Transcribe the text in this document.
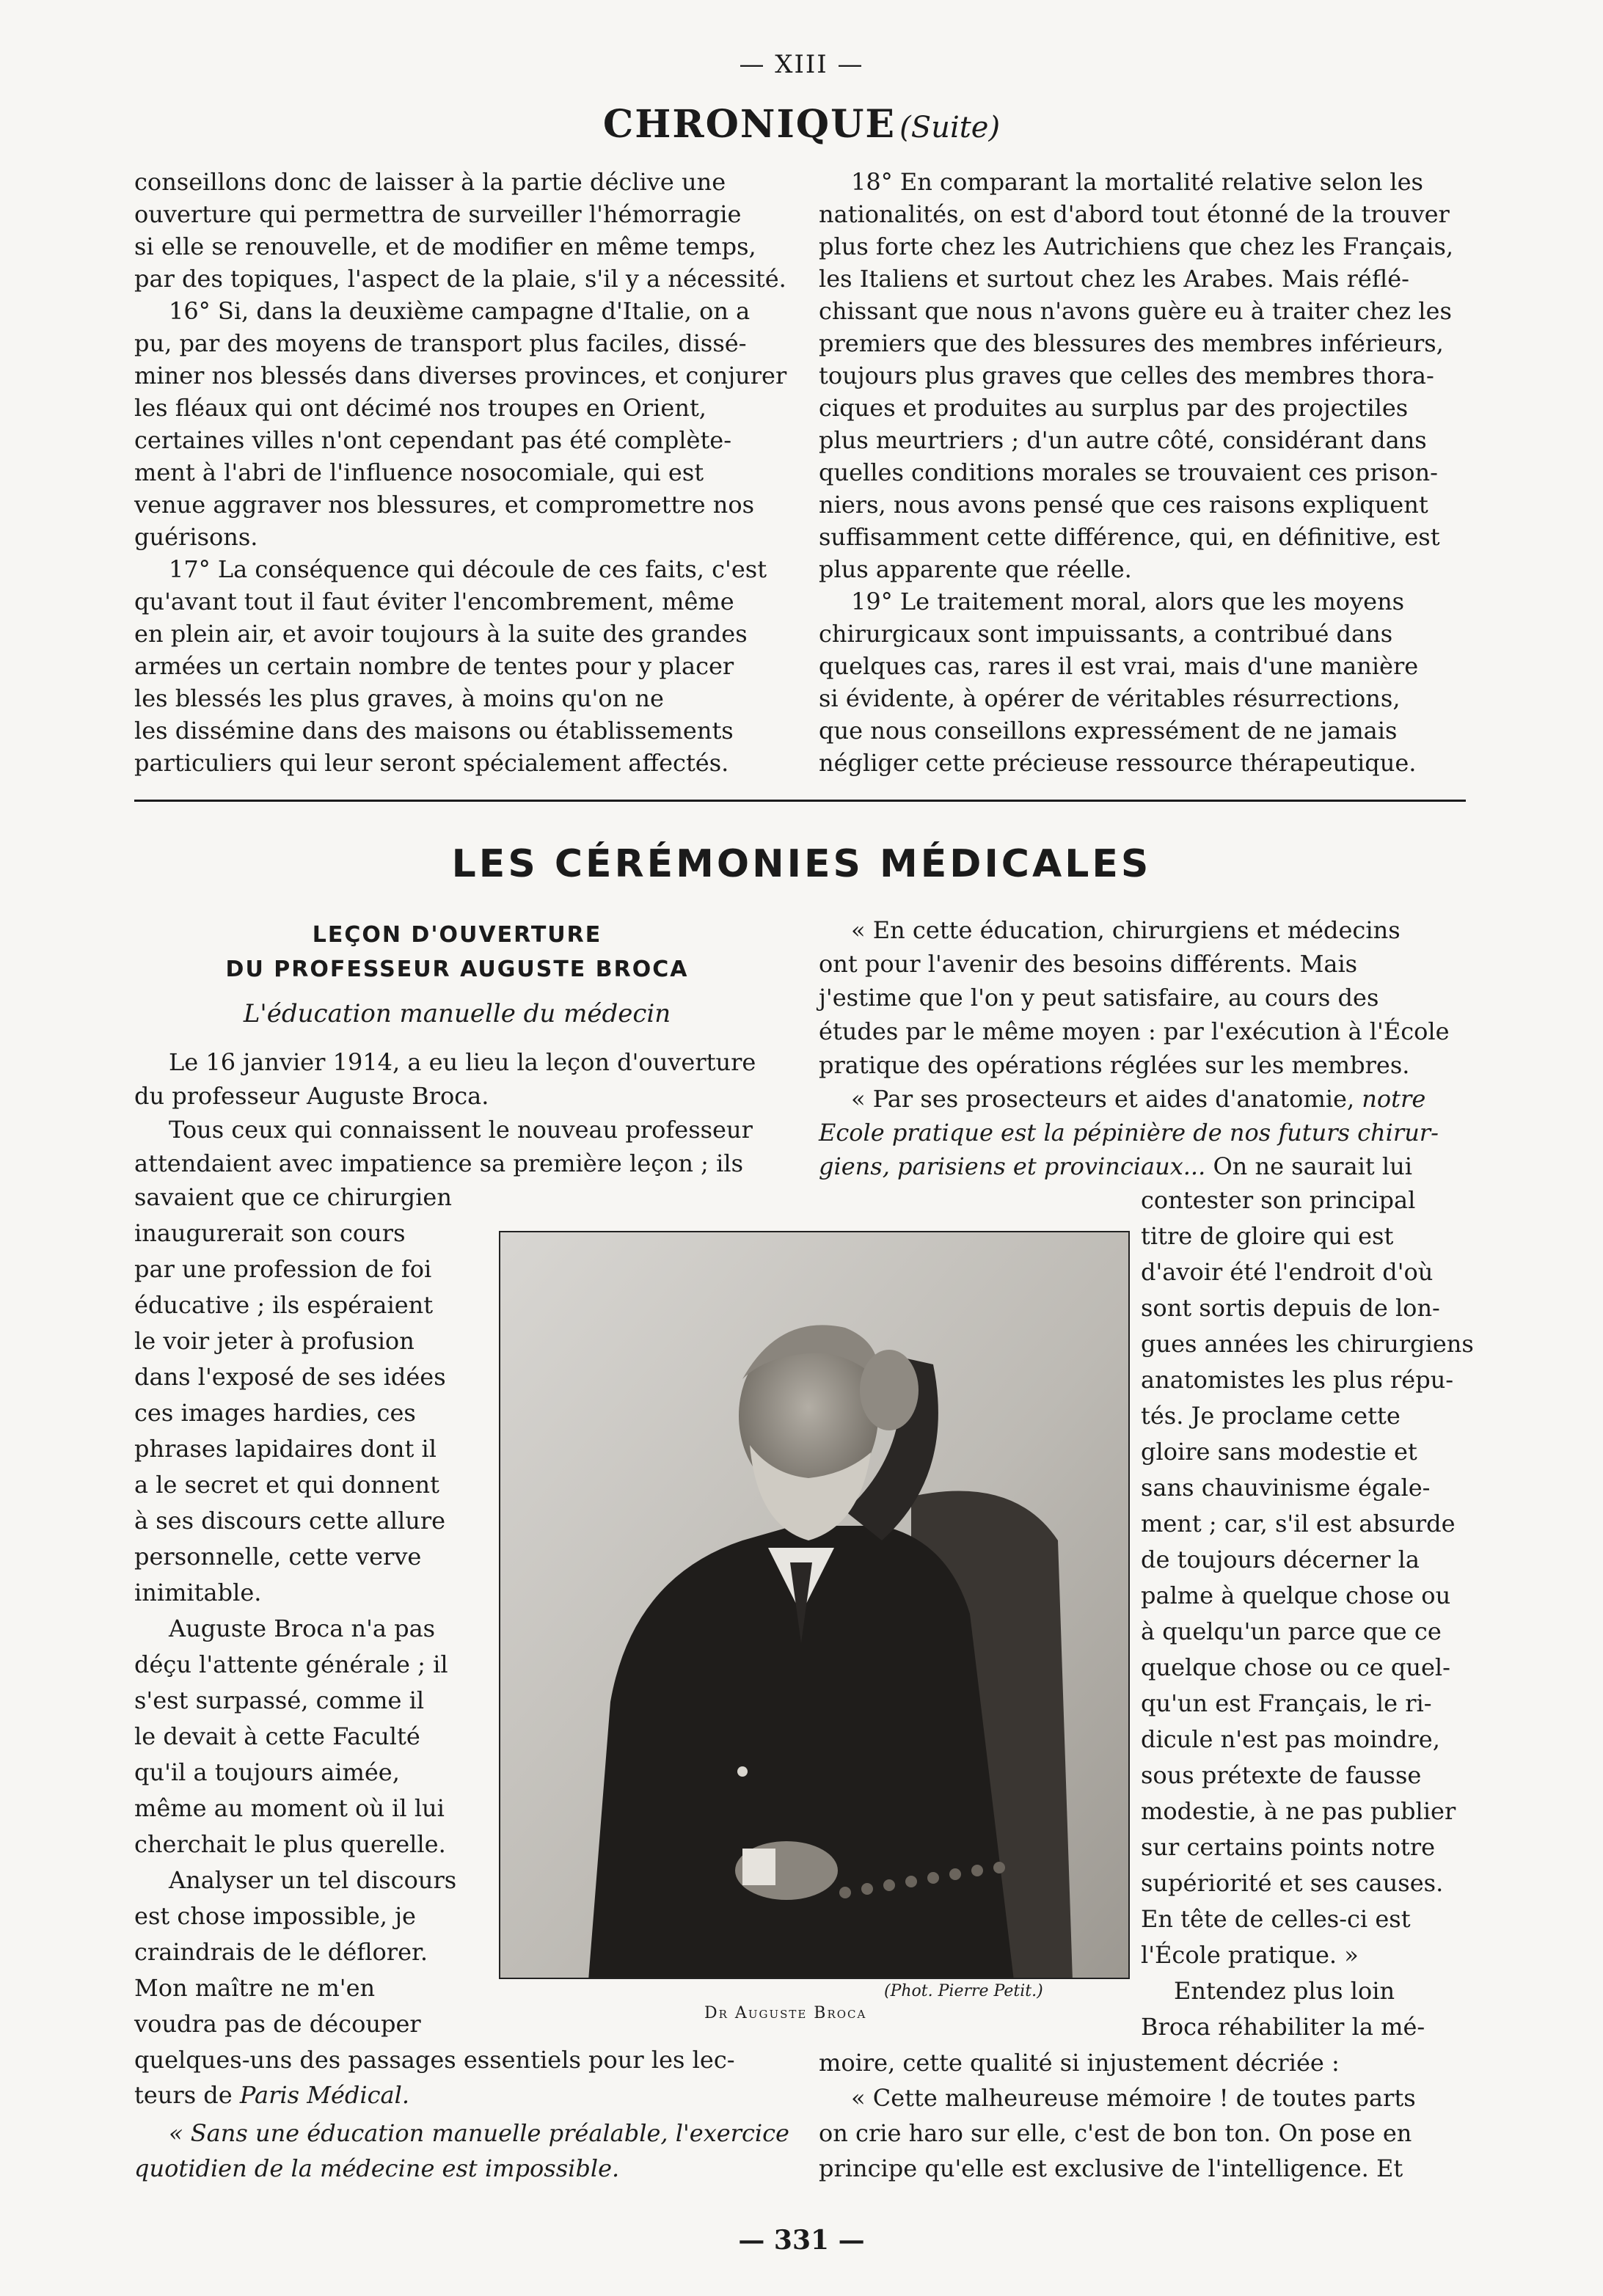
— XIII —
CHRONIQUE (Suite)
conseillons donc de laisser à la partie déclive une
ouverture qui permettra de surveiller l'hémorragie
si elle se renouvelle, et de modifier en même temps,
par des topiques, l'aspect de la plaie, s'il y a nécessité.
16° Si, dans la deuxième campagne d'Italie, on a
pu, par des moyens de transport plus faciles, dissé-
miner nos blessés dans diverses provinces, et conjurer
les fléaux qui ont décimé nos troupes en Orient,
certaines villes n'ont cependant pas été complète-
ment à l'abri de l'influence nosocomiale, qui est
venue aggraver nos blessures, et compromettre nos
guérisons.
17° La conséquence qui découle de ces faits, c'est
qu'avant tout il faut éviter l'encombrement, même
en plein air, et avoir toujours à la suite des grandes
armées un certain nombre de tentes pour y placer
les blessés les plus graves, à moins qu'on ne
les dissémine dans des maisons ou établissements
particuliers qui leur seront spécialement affectés.
18° En comparant la mortalité relative selon les
nationalités, on est d'abord tout étonné de la trouver
plus forte chez les Autrichiens que chez les Français,
les Italiens et surtout chez les Arabes. Mais réflé-
chissant que nous n'avons guère eu à traiter chez les
premiers que des blessures des membres inférieurs,
toujours plus graves que celles des membres thora-
ciques et produites au surplus par des projectiles
plus meurtriers ; d'un autre côté, considérant dans
quelles conditions morales se trouvaient ces prison-
niers, nous avons pensé que ces raisons expliquent
suffisamment cette différence, qui, en définitive, est
plus apparente que réelle.
19° Le traitement moral, alors que les moyens
chirurgicaux sont impuissants, a contribué dans
quelques cas, rares il est vrai, mais d'une manière
si évidente, à opérer de véritables résurrections,
que nous conseillons expressément de ne jamais
négliger cette précieuse ressource thérapeutique.
LES CÉRÉMONIES MÉDICALES
LEÇON D'OUVERTURE
DU PROFESSEUR AUGUSTE BROCA
L'éducation manuelle du médecin
Le 16 janvier 1914, a eu lieu la leçon d'ouverture
du professeur Auguste Broca.
Tous ceux qui connaissent le nouveau professeur
attendaient avec impatience sa première leçon ; ils
savaient que ce chirurgien
inaugurerait son cours
par une profession de foi
éducative ; ils espéraient
le voir jeter à profusion
dans l'exposé de ses idées
ces images hardies, ces
phrases lapidaires dont il
a le secret et qui donnent
à ses discours cette allure
personnelle, cette verve
inimitable.
Auguste Broca n'a pas
déçu l'attente générale ; il
s'est surpassé, comme il
le devait à cette Faculté
qu'il a toujours aimée,
même au moment où il lui
cherchait le plus querelle.
Analyser un tel discours
est chose impossible, je
craindrais de le déflorer.
Mon maître ne m'en
voudra pas de découper
quelques-uns des passages essentiels pour les lec-
teurs de Paris Médical.
« Sans une éducation manuelle préalable, l'exercice
quotidien de la médecine est impossible.
« En cette éducation, chirurgiens et médecins
ont pour l'avenir des besoins différents. Mais
j'estime que l'on y peut satisfaire, au cours des
études par le même moyen : par l'exécution à l'École
pratique des opérations réglées sur les membres.
« Par ses prosecteurs et aides d'anatomie, notre
Ecole pratique est la pépinière de nos futurs chirur-
giens, parisiens et provinciaux... On ne saurait lui
contester son principal
titre de gloire qui est
d'avoir été l'endroit d'où
sont sortis depuis de lon-
gues années les chirurgiens
anatomistes les plus répu-
tés. Je proclame cette
gloire sans modestie et
sans chauvinisme égale-
ment ; car, s'il est absurde
de toujours décerner la
palme à quelque chose ou
à quelqu'un parce que ce
quelque chose ou ce quel-
qu'un est Français, le ri-
dicule n'est pas moindre,
sous prétexte de fausse
modestie, à ne pas publier
sur certains points notre
supériorité et ses causes.
En tête de celles-ci est
l'École pratique. »
Entendez plus loin
Broca réhabiliter la mé-
moire, cette qualité si injustement décriée :
« Cette malheureuse mémoire ! de toutes parts
on crie haro sur elle, c'est de bon ton. On pose en
principe qu'elle est exclusive de l'intelligence. Et
(Phot. Pierre Petit.)
Dr Auguste Broca
— 331 —
